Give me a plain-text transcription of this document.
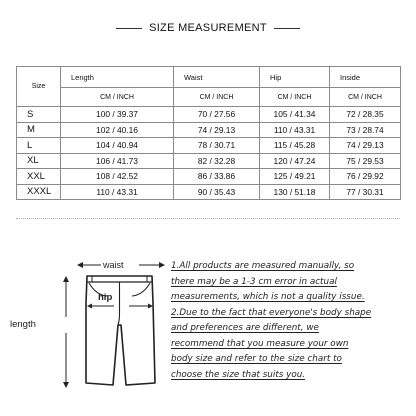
SIZE MEASUREMENT
Size	Length	Waist	Hip	Inside
	CM / INCH	CM / INCH	CM / INCH	CM / INCH
S	100 / 39.37	70 / 27.56	105 / 41.34	72 / 28.35
M	102 / 40.16	74 / 29.13	110 / 43.31	73 / 28.74
L	104 / 40.94	78 / 30.71	115 / 45.28	74 / 29.13
XL	106 / 41.73	82 / 32.28	120 / 47.24	75 / 29.53
XXL	108 / 42.52	86 / 33.86	125 / 49.21	76 / 29.92
XXXL	110 / 43.31	90 / 35.43	130 / 51.18	77 / 30.31
waist
hip
length
1.All products are measured manually, so
there may be a 1-3 cm error in actual
measurements, which is not a quality issue.
2.Due to the fact that everyone's body shape
and preferences are different, we
recommend that you measure your own
body size and refer to the size chart to
choose the size that suits you.
